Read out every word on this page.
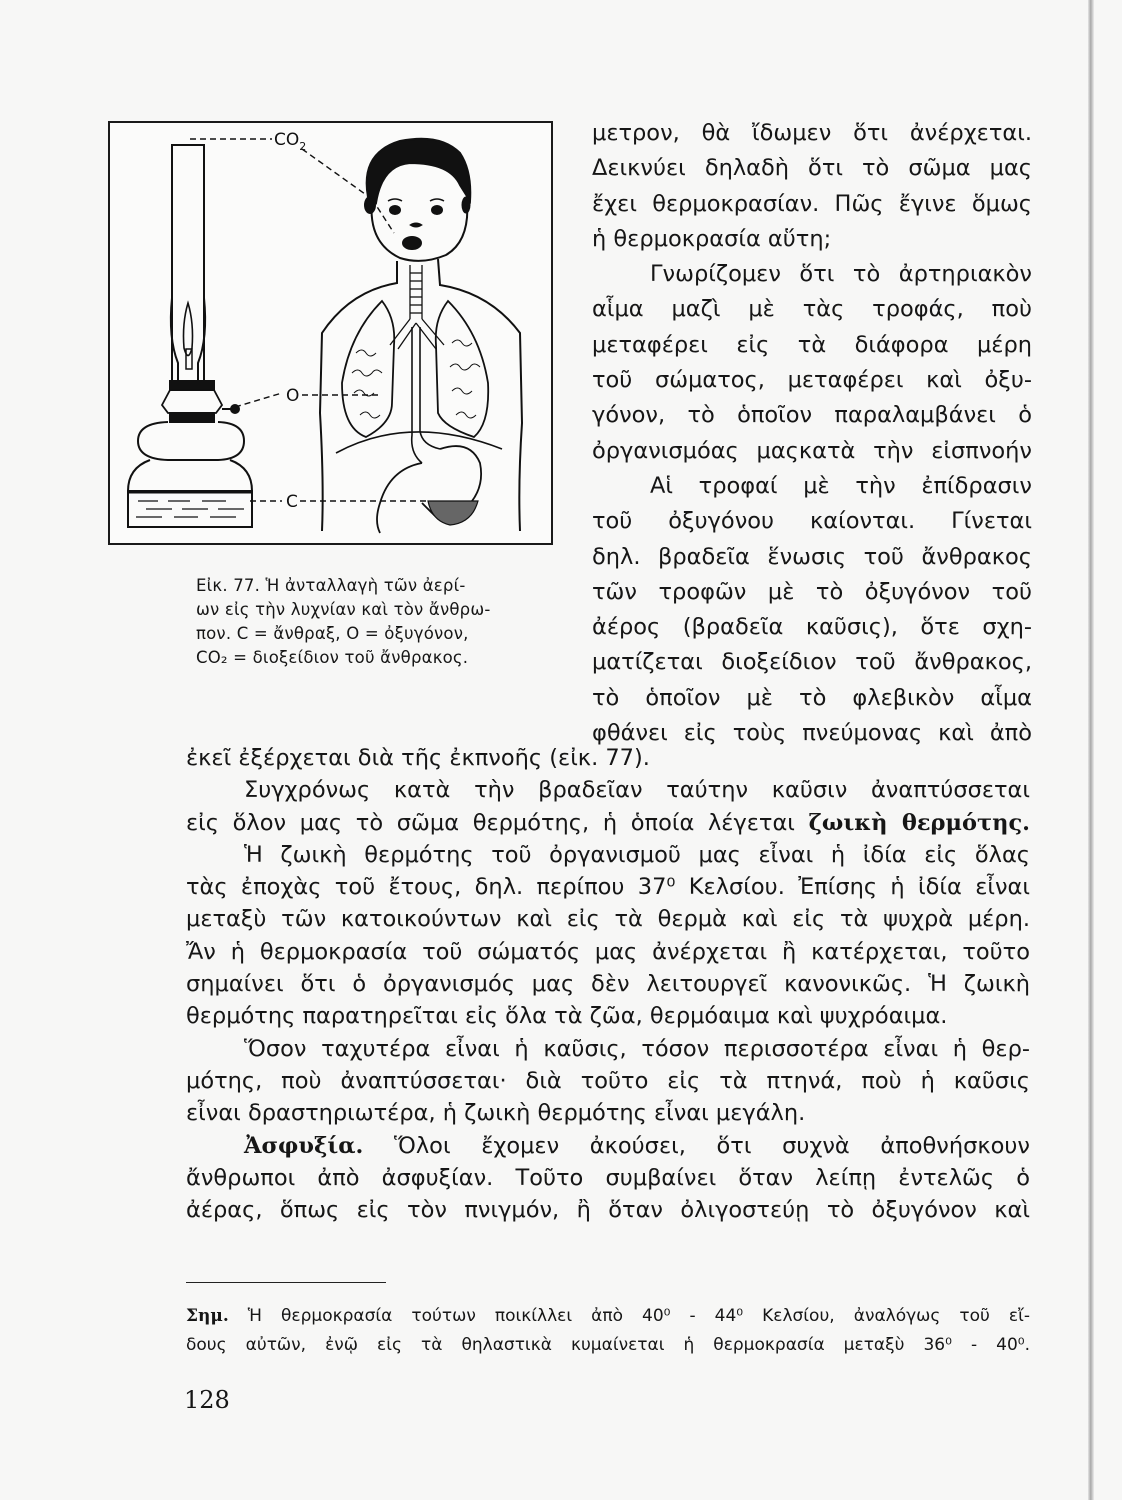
$CO_2$
O
C
Εἰκ. 77. Ἡ ἀνταλλαγὴ τῶν ἀερί-
ων εἰς τὴν λυχνίαν καὶ τὸν ἄνθρω-
πον. C = ἄνθραξ, O = ὀξυγόνον,
CO₂ = διοξείδιον τοῦ ἄνθρακος.
μετρον, θὰ ἴδωμεν ὅτι ἀνέρχεται.
Δεικνύει δηλαδὴ ὅτι τὸ σῶμα μας
ἔχει θερμοκρασίαν. Πῶς ἔγινε ὅμως
ἡ θερμοκρασία αὕτη;
Γνωρίζομεν ὅτι τὸ ἀρτηριακὸν
αἷμα μαζὶ μὲ τὰς τροφάς, ποὺ
μεταφέρει εἰς τὰ διάφορα μέρη
τοῦ σώματος, μεταφέρει καὶ ὀξυ-
γόνον, τὸ ὁποῖον παραλαμβάνει ὁ
ὀργανισμόας μαςκατὰ τὴν εἰσπνοήν
Αἱ τροφαί μὲ τὴν ἐπίδρασιν
τοῦ ὀξυγόνου καίονται. Γίνεται
δηλ. βραδεῖα ἕνωσις τοῦ ἄνθρακος
τῶν τροφῶν μὲ τὸ ὀξυγόνον τοῦ
ἀέρος (βραδεῖα καῦσις), ὅτε σχη-
ματίζεται διοξείδιον τοῦ ἄνθρακος,
τὸ ὁποῖον μὲ τὸ φλεβικὸν αἷμα
φθάνει εἰς τοὺς πνεύμονας καὶ ἀπὸ
ἐκεῖ ἐξέρχεται διὰ τῆς ἐκπνοῆς (εἰκ. 77).
Συγχρόνως κατὰ τὴν βραδεῖαν ταύτην καῦσιν ἀναπτύσσεται
εἰς ὅλον μας τὸ σῶμα θερμότης, ἡ ὁποία λέγεται ζωικὴ θερμότης.
Ἡ ζωικὴ θερμότης τοῦ ὀργανισμοῦ μας εἶναι ἡ ἰδία εἰς ὅλας
τὰς ἐποχὰς τοῦ ἔτους, δηλ. περίπου 37⁰ Κελσίου. Ἐπίσης ἡ ἰδία εἶναι
μεταξὺ τῶν κατοικούντων καὶ εἰς τὰ θερμὰ καὶ εἰς τὰ ψυχρὰ μέρη.
Ἄν ἡ θερμοκρασία τοῦ σώματός μας ἀνέρχεται ἢ κατέρχεται, τοῦτο
σημαίνει ὅτι ὁ ὀργανισμός μας δὲν λειτουργεῖ κανονικῶς. Ἡ ζωικὴ
θερμότης παρατηρεῖται εἰς ὅλα τὰ ζῶα, θερμόαιμα καὶ ψυχρόαιμα.
Ὅσον ταχυτέρα εἶναι ἡ καῦσις, τόσον περισσοτέρα εἶναι ἡ θερ-
μότης, ποὺ ἀναπτύσσεται· διὰ τοῦτο εἰς τὰ πτηνά, ποὺ ἡ καῦσις
εἶναι δραστηριωτέρα, ἡ ζωικὴ θερμότης εἶναι μεγάλη.
Ἀσφυξία. Ὅλοι ἔχομεν ἀκούσει, ὅτι συχνὰ ἀποθνήσκουν
ἄνθρωποι ἀπὸ ἀσφυξίαν. Τοῦτο συμβαίνει ὅταν λείπῃ ἐντελῶς ὁ
ἀέρας, ὅπως εἰς τὸν πνιγμόν, ἢ ὅταν ὀλιγοστεύῃ τὸ ὀξυγόνον καὶ
Σημ. Ἡ θερμοκρασία τούτων ποικίλλει ἀπὸ 40⁰ - 44⁰ Κελσίου, ἀναλόγως τοῦ εἴ-
δους αὐτῶν, ἐνῷ εἰς τὰ θηλαστικὰ κυμαίνεται ἡ θερμοκρασία μεταξὺ 36⁰ - 40⁰.
128
